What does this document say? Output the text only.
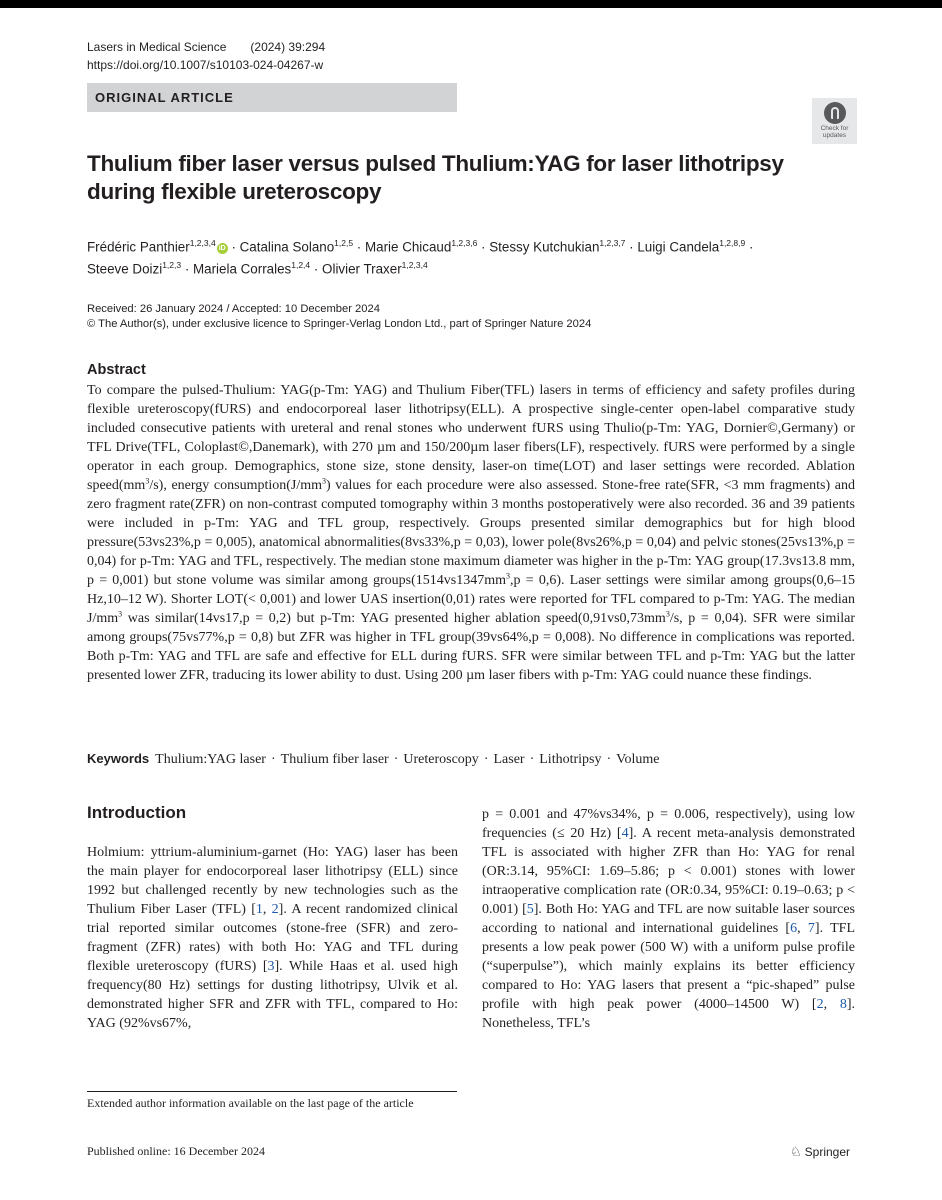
Lasers in Medical Science (2024) 39:294
https://doi.org/10.1007/s10103-024-04267-w
ORIGINAL ARTICLE
Check for updates
Thulium fiber laser versus pulsed Thulium:YAG for laser lithotripsy during flexible ureteroscopy
Frédéric Panthier$^{1,2,3,4}$iD · Catalina Solano$^{1,2,5}$ · Marie Chicaud$^{1,2,3,6}$ · Stessy Kutchukian$^{1,2,3,7}$ · Luigi Candela$^{1,2,8,9}$ ·
Steeve Doizi$^{1,2,3}$ · Mariela Corrales$^{1,2,4}$ · Olivier Traxer$^{1,2,3,4}$
Received: 26 January 2024 / Accepted: 10 December 2024
© The Author(s), under exclusive licence to Springer-Verlag London Ltd., part of Springer Nature 2024
Abstract
To compare the pulsed-Thulium: YAG(p-Tm: YAG) and Thulium Fiber(TFL) lasers in terms of efficiency and safety profiles during flexible ureteroscopy(fURS) and endocorporeal laser lithotripsy(ELL). A prospective single-center open-label comparative study included consecutive patients with ureteral and renal stones who underwent fURS using Thulio(p-Tm: YAG, Dornier©,Germany) or TFL Drive(TFL, Coloplast©,Danemark), with 270 µm and 150/200µm laser fibers(LF), respectively. fURS were performed by a single operator in each group. Demographics, stone size, stone density, laser-on time(LOT) and laser settings were recorded. Ablation $speed(mm^3/s)$, energy $consumption(J/mm^3)$ values for each procedure were also assessed. Stone-free rate(SFR, <3 mm fragments) and zero fragment rate(ZFR) on non-contrast computed tomography within 3 months postoperatively were also recorded. 36 and 39 patients were included in p-Tm: YAG and TFL group, respectively. Groups presented similar demographics but for high blood pressure(53vs23%,p = 0,005), anatomical abnormalities(8vs33%,p = 0,03), lower pole(8vs26%,p = 0,04) and pelvic stones(25vs13%,p = 0,04) for p-Tm: YAG and TFL, respectively. The median stone maximum diameter was higher in the p-Tm: YAG group(17.3vs13.8 mm, p = 0,001) but stone volume was similar among $groups(1514vs1347mm^3,p = 0,6)$. Laser settings were similar among groups(0,6–15 Hz,10–12 W). Shorter LOT(< 0,001) and lower UAS insertion(0,01) rates were reported for TFL compared to p-Tm: YAG. The median $J/mm^3$ was similar(14vs17,p = 0,2) but p-Tm: YAG presented higher ablation $speed(0,91vs0,73mm^3/s$, p = 0,04). SFR were similar among groups(75vs77%,p = 0,8) but ZFR was higher in TFL group(39vs64%,p = 0,008). No difference in complications was reported. Both p-Tm: YAG and TFL are safe and effective for ELL during fURS. SFR were similar between TFL and p-Tm: YAG but the latter presented lower ZFR, traducing its lower ability to dust. Using 200 µm laser fibers with p-Tm: YAG could nuance these findings.
Keywords Thulium:YAG laser · Thulium fiber laser · Ureteroscopy · Laser · Lithotripsy · Volume
Introduction
Holmium: yttrium-aluminium-garnet (Ho: YAG) laser has been the main player for endocorporeal laser lithotripsy (ELL) since 1992 but challenged recently by new technologies such as the Thulium Fiber Laser (TFL) [1, 2]. A recent randomized clinical trial reported similar outcomes (stone-free (SFR) and zero-fragment (ZFR) rates) with both Ho: YAG and TFL during flexible ureteroscopy (fURS) [3]. While Haas et al. used high frequency(80 Hz) settings for dusting lithotripsy, Ulvik et al. demonstrated higher SFR and ZFR with TFL, compared to Ho: YAG (92%vs67%,
p = 0.001 and 47%vs34%, p = 0.006, respectively), using low frequencies (≤ 20 Hz) [4]. A recent meta-analysis demonstrated TFL is associated with higher ZFR than Ho: YAG for renal (OR:3.14, 95%CI: 1.69–5.86; p < 0.001) stones with lower intraoperative complication rate (OR:0.34, 95%CI: 0.19–0.63; p < 0.001) [5]. Both Ho: YAG and TFL are now suitable laser sources according to national and international guidelines [6, 7]. TFL presents a low peak power (500 W) with a uniform pulse profile (“superpulse”), which mainly explains its better efficiency compared to Ho: YAG lasers that present a “pic-shaped” pulse profile with high peak power (4000–14500 W) [2, 8]. Nonetheless, TFL’s
Extended author information available on the last page of the article
Published online: 16 December 2024	♘ Springer
